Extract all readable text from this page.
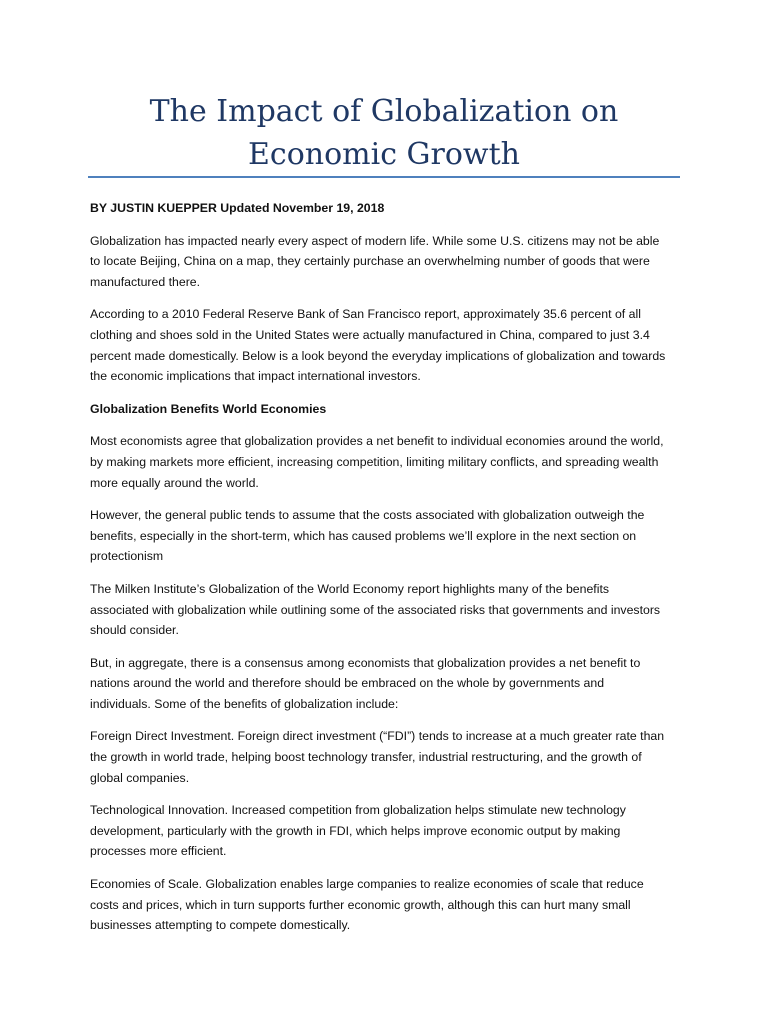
The Impact of Globalization on Economic Growth

BY JUSTIN KUEPPER Updated November 19, 2018

Globalization has impacted nearly every aspect of modern life. While some U.S. citizens may not be able to locate Beijing, China on a map, they certainly purchase an overwhelming number of goods that were manufactured there.

According to a 2010 Federal Reserve Bank of San Francisco report, approximately 35.6 percent of all clothing and shoes sold in the United States were actually manufactured in China, compared to just 3.4 percent made domestically. Below is a look beyond the everyday implications of globalization and towards the economic implications that impact international investors.

Globalization Benefits World Economies

Most economists agree that globalization provides a net benefit to individual economies around the world, by making markets more efficient, increasing competition, limiting military conflicts, and spreading wealth more equally around the world.

However, the general public tends to assume that the costs associated with globalization outweigh the benefits, especially in the short-term, which has caused problems we’ll explore in the next section on protectionism

The Milken Institute’s Globalization of the World Economy report highlights many of the benefits associated with globalization while outlining some of the associated risks that governments and investors should consider.

But, in aggregate, there is a consensus among economists that globalization provides a net benefit to nations around the world and therefore should be embraced on the whole by governments and individuals. Some of the benefits of globalization include:

Foreign Direct Investment. Foreign direct investment (“FDI”) tends to increase at a much greater rate than the growth in world trade, helping boost technology transfer, industrial restructuring, and the growth of global companies.

Technological Innovation. Increased competition from globalization helps stimulate new technology development, particularly with the growth in FDI, which helps improve economic output by making processes more efficient.

Economies of Scale. Globalization enables large companies to realize economies of scale that reduce costs and prices, which in turn supports further economic growth, although this can hurt many small businesses attempting to compete domestically.
